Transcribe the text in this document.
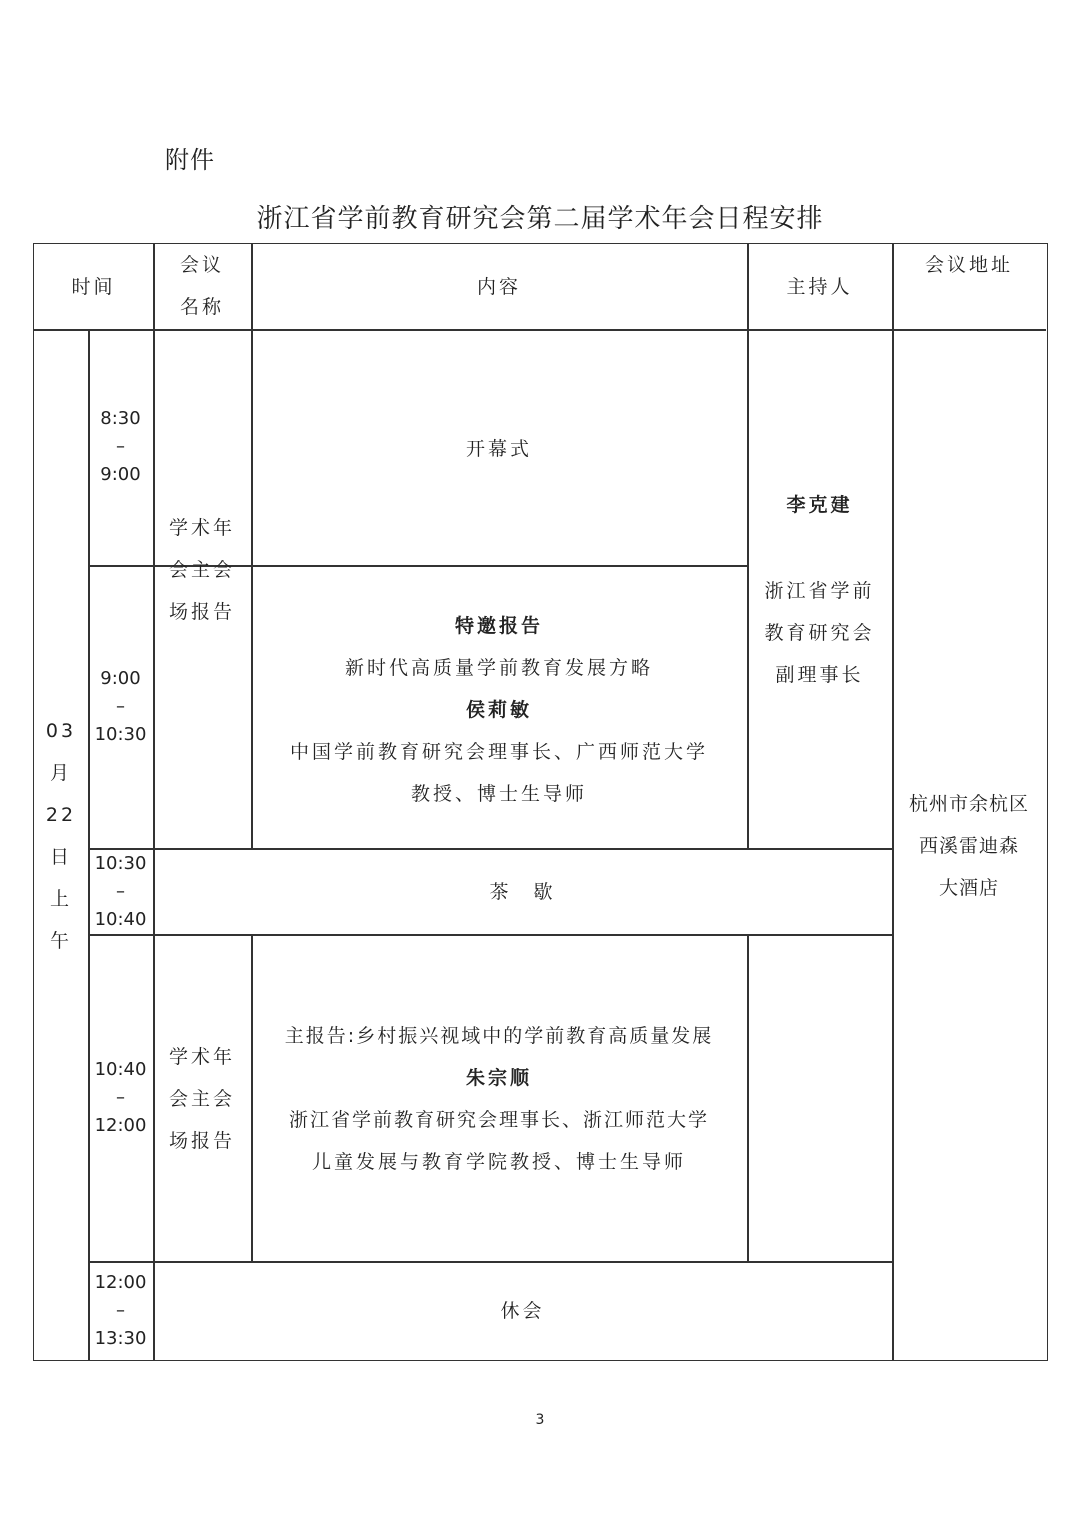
附件
浙江省学前教育研究会第二届学术年会日程安排
时间
会议
名称
内容	主持人
会议地址
03
月
22
日
上
午
8:30
–
9:00
9:00
–
10:30
10:30
–
10:40
10:40
–
12:00
12:00
–
13:30
学术年
会主会
场报告
学术年
会主会
场报告
开幕式
特邀报告
新时代高质量学前教育发展方略
侯莉敏
中国学前教育研究会理事长、广西师范大学
教授、博士生导师
李克建
浙江省学前
教育研究会
副理事长
杭州市余杭区
西溪雷迪森
大酒店
茶　歇
主报告:乡村振兴视域中的学前教育高质量发展
朱宗顺
浙江省学前教育研究会理事长、浙江师范大学
儿童发展与教育学院教授、博士生导师
休会
3
